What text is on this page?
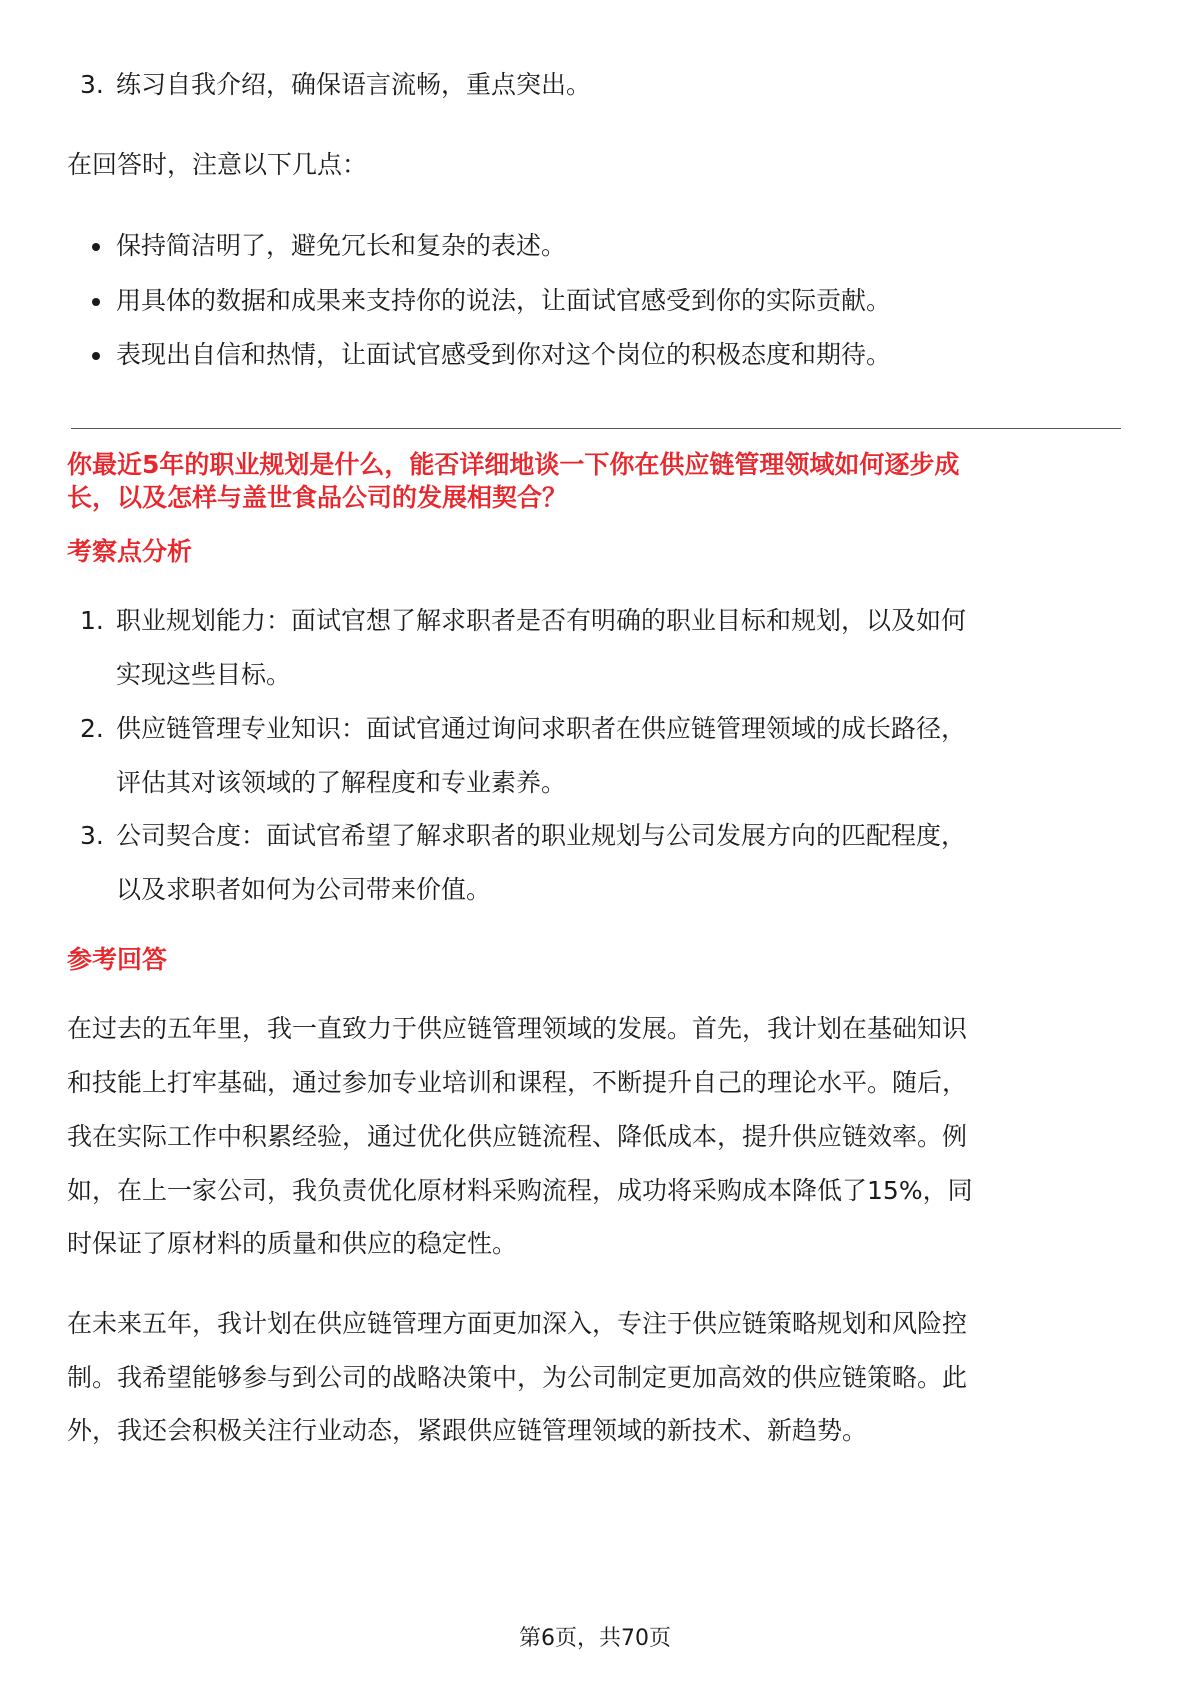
3. 练习自我介绍，确保语言流畅，重点突出。
在回答时，注意以下几点：
保持简洁明了，避免冗长和复杂的表述。
用具体的数据和成果来支持你的说法，让面试官感受到你的实际贡献。
表现出自信和热情，让面试官感受到你对这个岗位的积极态度和期待。
你最近5年的职业规划是什么，能否详细地谈一下你在供应链管理领域如何逐步成
长，以及怎样与盖世食品公司的发展相契合？
考察点分析
1. 职业规划能力：面试官想了解求职者是否有明确的职业目标和规划，以及如何
实现这些目标。
2. 供应链管理专业知识：面试官通过询问求职者在供应链管理领域的成长路径，
评估其对该领域的了解程度和专业素养。
3. 公司契合度：面试官希望了解求职者的职业规划与公司发展方向的匹配程度，
以及求职者如何为公司带来价值。
参考回答
在过去的五年里，我一直致力于供应链管理领域的发展。首先，我计划在基础知识
和技能上打牢基础，通过参加专业培训和课程，不断提升自己的理论水平。随后，
我在实际工作中积累经验，通过优化供应链流程、降低成本，提升供应链效率。例
如，在上一家公司，我负责优化原材料采购流程，成功将采购成本降低了15%，同
时保证了原材料的质量和供应的稳定性。
在未来五年，我计划在供应链管理方面更加深入，专注于供应链策略规划和风险控
制。我希望能够参与到公司的战略决策中，为公司制定更加高效的供应链策略。此
外，我还会积极关注行业动态，紧跟供应链管理领域的新技术、新趋势。
第6页，共70页
